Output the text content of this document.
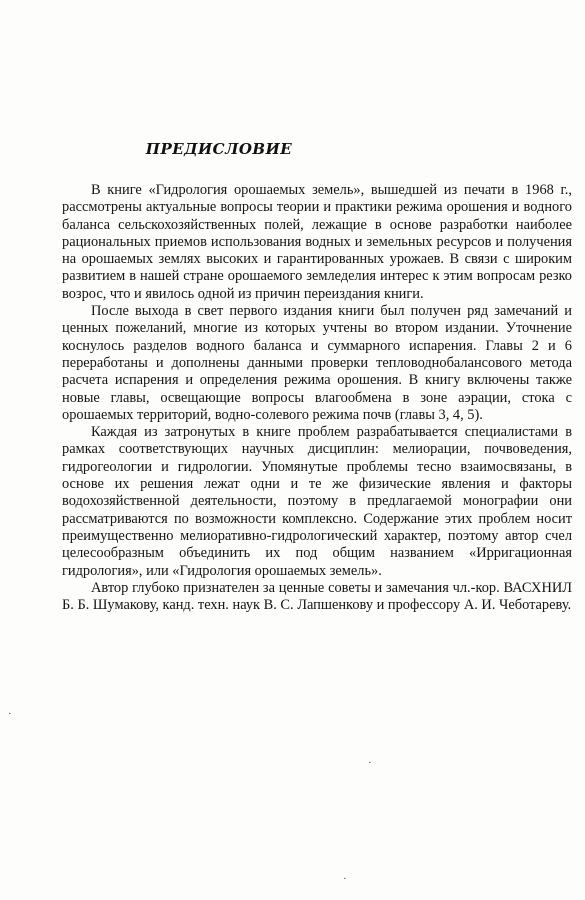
ПРЕДИСЛОВИЕ

В книге «Гидрология орошаемых земель», вышедшей из печати в 1968 г., рассмотрены актуальные вопросы теории и практики режима орошения и водного баланса сельскохозяйственных полей, лежащие в основе разработки наиболее рациональных приемов использования водных и земельных ресурсов и получения на орошаемых землях высоких и гарантированных урожаев. В связи с широким развитием в нашей стране орошаемого земледелия интерес к этим вопросам резко возрос, что и явилось одной из причин переиздания книги.

После выхода в свет первого издания книги был получен ряд замечаний и ценных пожеланий, многие из которых учтены во втором издании. Уточнение коснулось разделов водного баланса и суммарного испарения. Главы 2 и 6 переработаны и дополнены данными проверки тепловоднобалансового метода расчета испарения и определения режима орошения. В книгу включены также новые главы, освещающие вопросы влагообмена в зоне аэрации, стока с орошаемых территорий, водно-солевого режима почв (главы 3, 4, 5).

Каждая из затронутых в книге проблем разрабатывается специалистами в рамках соответствующих научных дисциплин: мелиорации, почвоведения, гидрогеологии и гидрологии. Упомянутые проблемы тесно взаимосвязаны, в основе их решения лежат одни и те же физические явления и факторы водохозяйственной деятельности, поэтому в предлагаемой монографии они рассматриваются по возможности комплексно. Содержание этих проблем носит преимущественно мелиоративно-гидрологический характер, поэтому автор счел целесообразным объединить их под общим названием «Ирригационная гидрология», или «Гидрология орошаемых земель».

Автор глубоко признателен за ценные советы и замечания чл.-кор. ВАСХНИЛ Б. Б. Шумакову, канд. техн. наук В. С. Лапшенкову и профессору А. И. Чеботареву.

·
·
·
